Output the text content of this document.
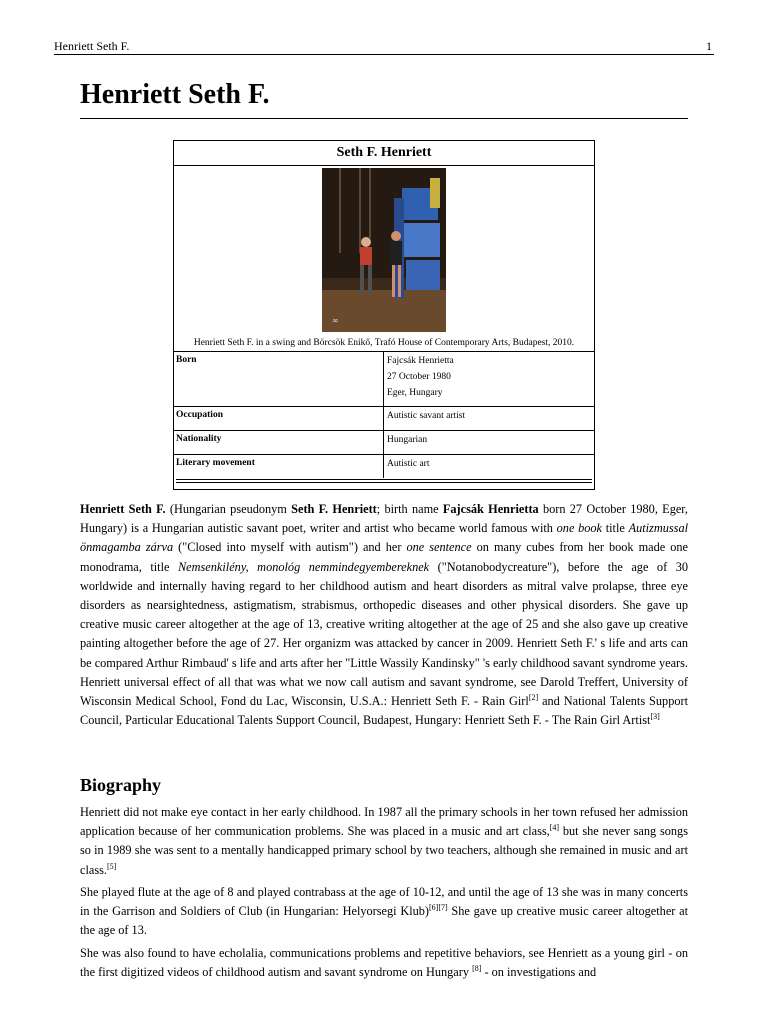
Henriett Seth F.	1
Henriett Seth F.
Seth F. Henriett
∞
Henriett Seth F. in a swing and Börcsök Enikő, Trafó House of Contemporary Arts, Budapest, 2010.
Born	Fajcsák Henrietta
27 October 1980
Eger, Hungary
Occupation	Autistic savant artist
Nationality	Hungarian
Literary movement	Autistic art

Henriett Seth F. (Hungarian pseudonym Seth F. Henriett; birth name Fajcsák Henrietta born 27 October 1980, Eger, Hungary) is a Hungarian autistic savant poet, writer and artist who became world famous with one book title Autizmussal önmagamba zárva ("Closed into myself with autism") and her one sentence on many cubes from her book made one monodrama, title Nemsenkilény, monológ nemmindegyembereknek ("Notanobodycreature"), before the age of 30 worldwide and internally having regard to her childhood autism and heart disorders as mitral valve prolapse, three eye disorders as nearsightedness, astigmatism, strabismus, orthopedic diseases and other physical disorders. She gave up creative music career altogether at the age of 13, creative writing altogether at the age of 25 and she also gave up creative painting altogether before the age of 27. Her organizm was attacked by cancer in 2009. Henriett Seth F.' s life and arts can be compared Arthur Rimbaud' s life and arts after her "Little Wassily Kandinsky" 's early childhood savant syndrome years. Henriett universal effect of all that was what we now call autism and savant syndrome, see Darold Treffert, University of Wisconsin Medical School, Fond du Lac, Wisconsin, U.S.A.: Henriett Seth F. - Rain Girl[2] and National Talents Support Council, Particular Educational Talents Support Council, Budapest, Hungary: Henriett Seth F. - The Rain Girl Artist[3]

Biography

Henriett did not make eye contact in her early childhood. In 1987 all the primary schools in her town refused her admission application because of her communication problems. She was placed in a music and art class,[4] but she never sang songs so in 1989 she was sent to a mentally handicapped primary school by two teachers, although she remained in music and art class.[5]

She played flute at the age of 8 and played contrabass at the age of 10-12, and until the age of 13 she was in many concerts in the Garrison and Soldiers of Club (in Hungarian: Helyorsegi Klub)[6][7] She gave up creative music career altogether at the age of 13.

She was also found to have echolalia, communications problems and repetitive behaviors, see Henriett as a young girl - on the first digitized videos of childhood autism and savant syndrome on Hungary [8] - on investigations and
